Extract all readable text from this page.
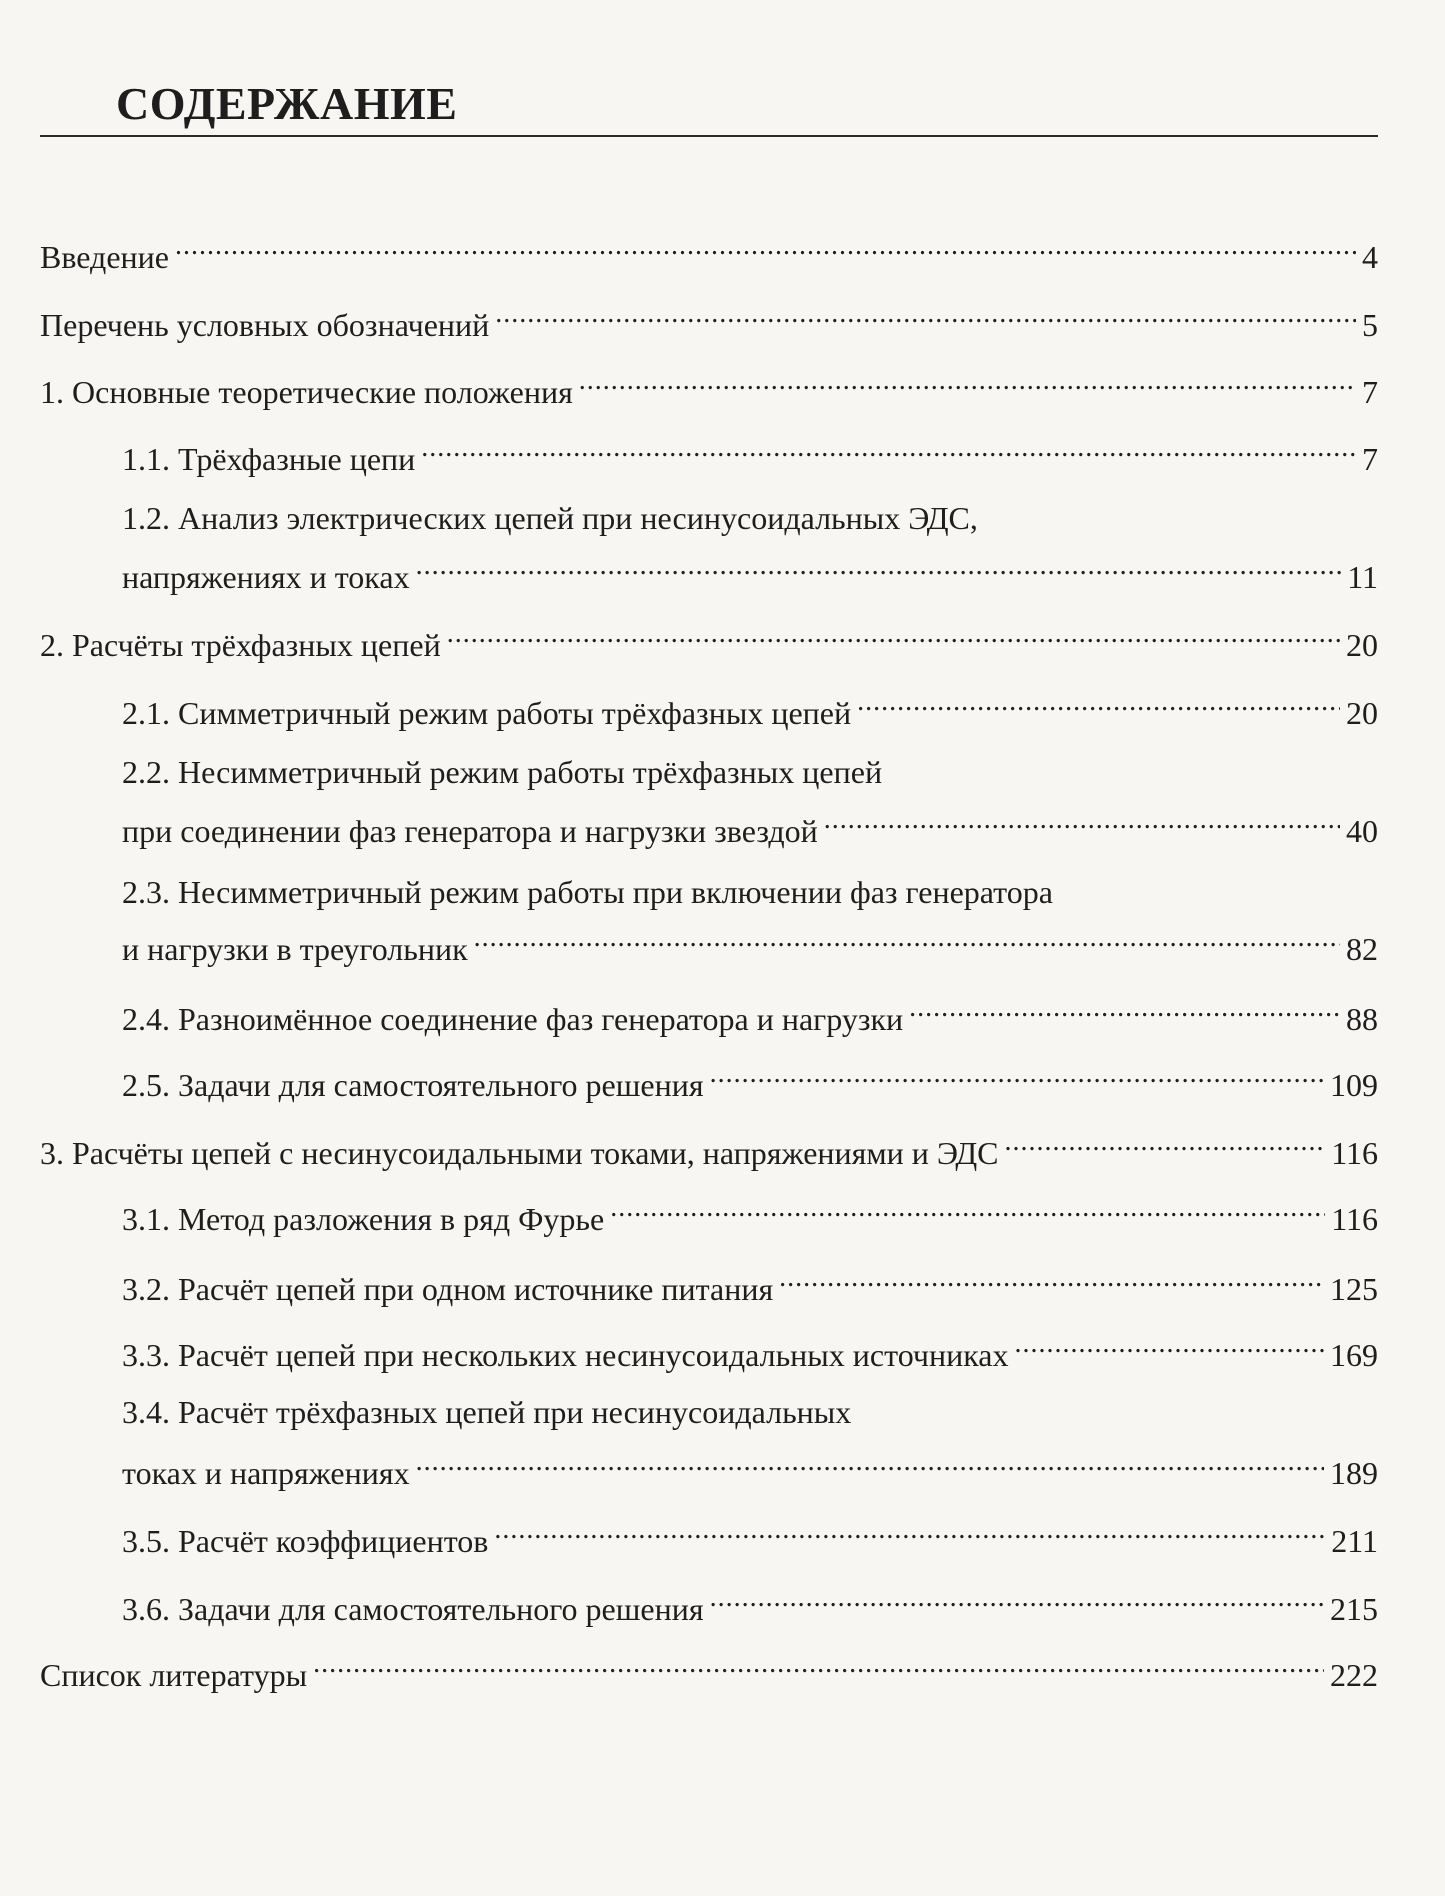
СОДЕРЖАНИЕ
Введение .....	4
Перечень условных обозначений .....	5
1. Основные теоретические положения .....	7
1.1. Трёхфазные цепи .....	7
1.2. Анализ электрических цепей при несинусоидальных ЭДС,
напряжениях и токах .....	11
2. Расчёты трёхфазных цепей .....	20
2.1. Симметричный режим работы трёхфазных цепей .....	20
2.2. Несимметричный режим работы трёхфазных цепей
при соединении фаз генератора и нагрузки звездой .....	40
2.3. Несимметричный режим работы при включении фаз генератора
и нагрузки в треугольник .....	82
2.4. Разноимённое соединение фаз генератора и нагрузки .....	88
2.5. Задачи для самостоятельного решения .....	109
3. Расчёты цепей с несинусоидальными токами, напряжениями и ЭДС .....	116
3.1. Метод разложения в ряд Фурье .....	116
3.2. Расчёт цепей при одном источнике питания .....	125
3.3. Расчёт цепей при нескольких несинусоидальных источниках .....	169
3.4. Расчёт трёхфазных цепей при несинусоидальных
токах и напряжениях .....	189
3.5. Расчёт коэффициентов .....	211
3.6. Задачи для самостоятельного решения .....	215
Список литературы .....	222
